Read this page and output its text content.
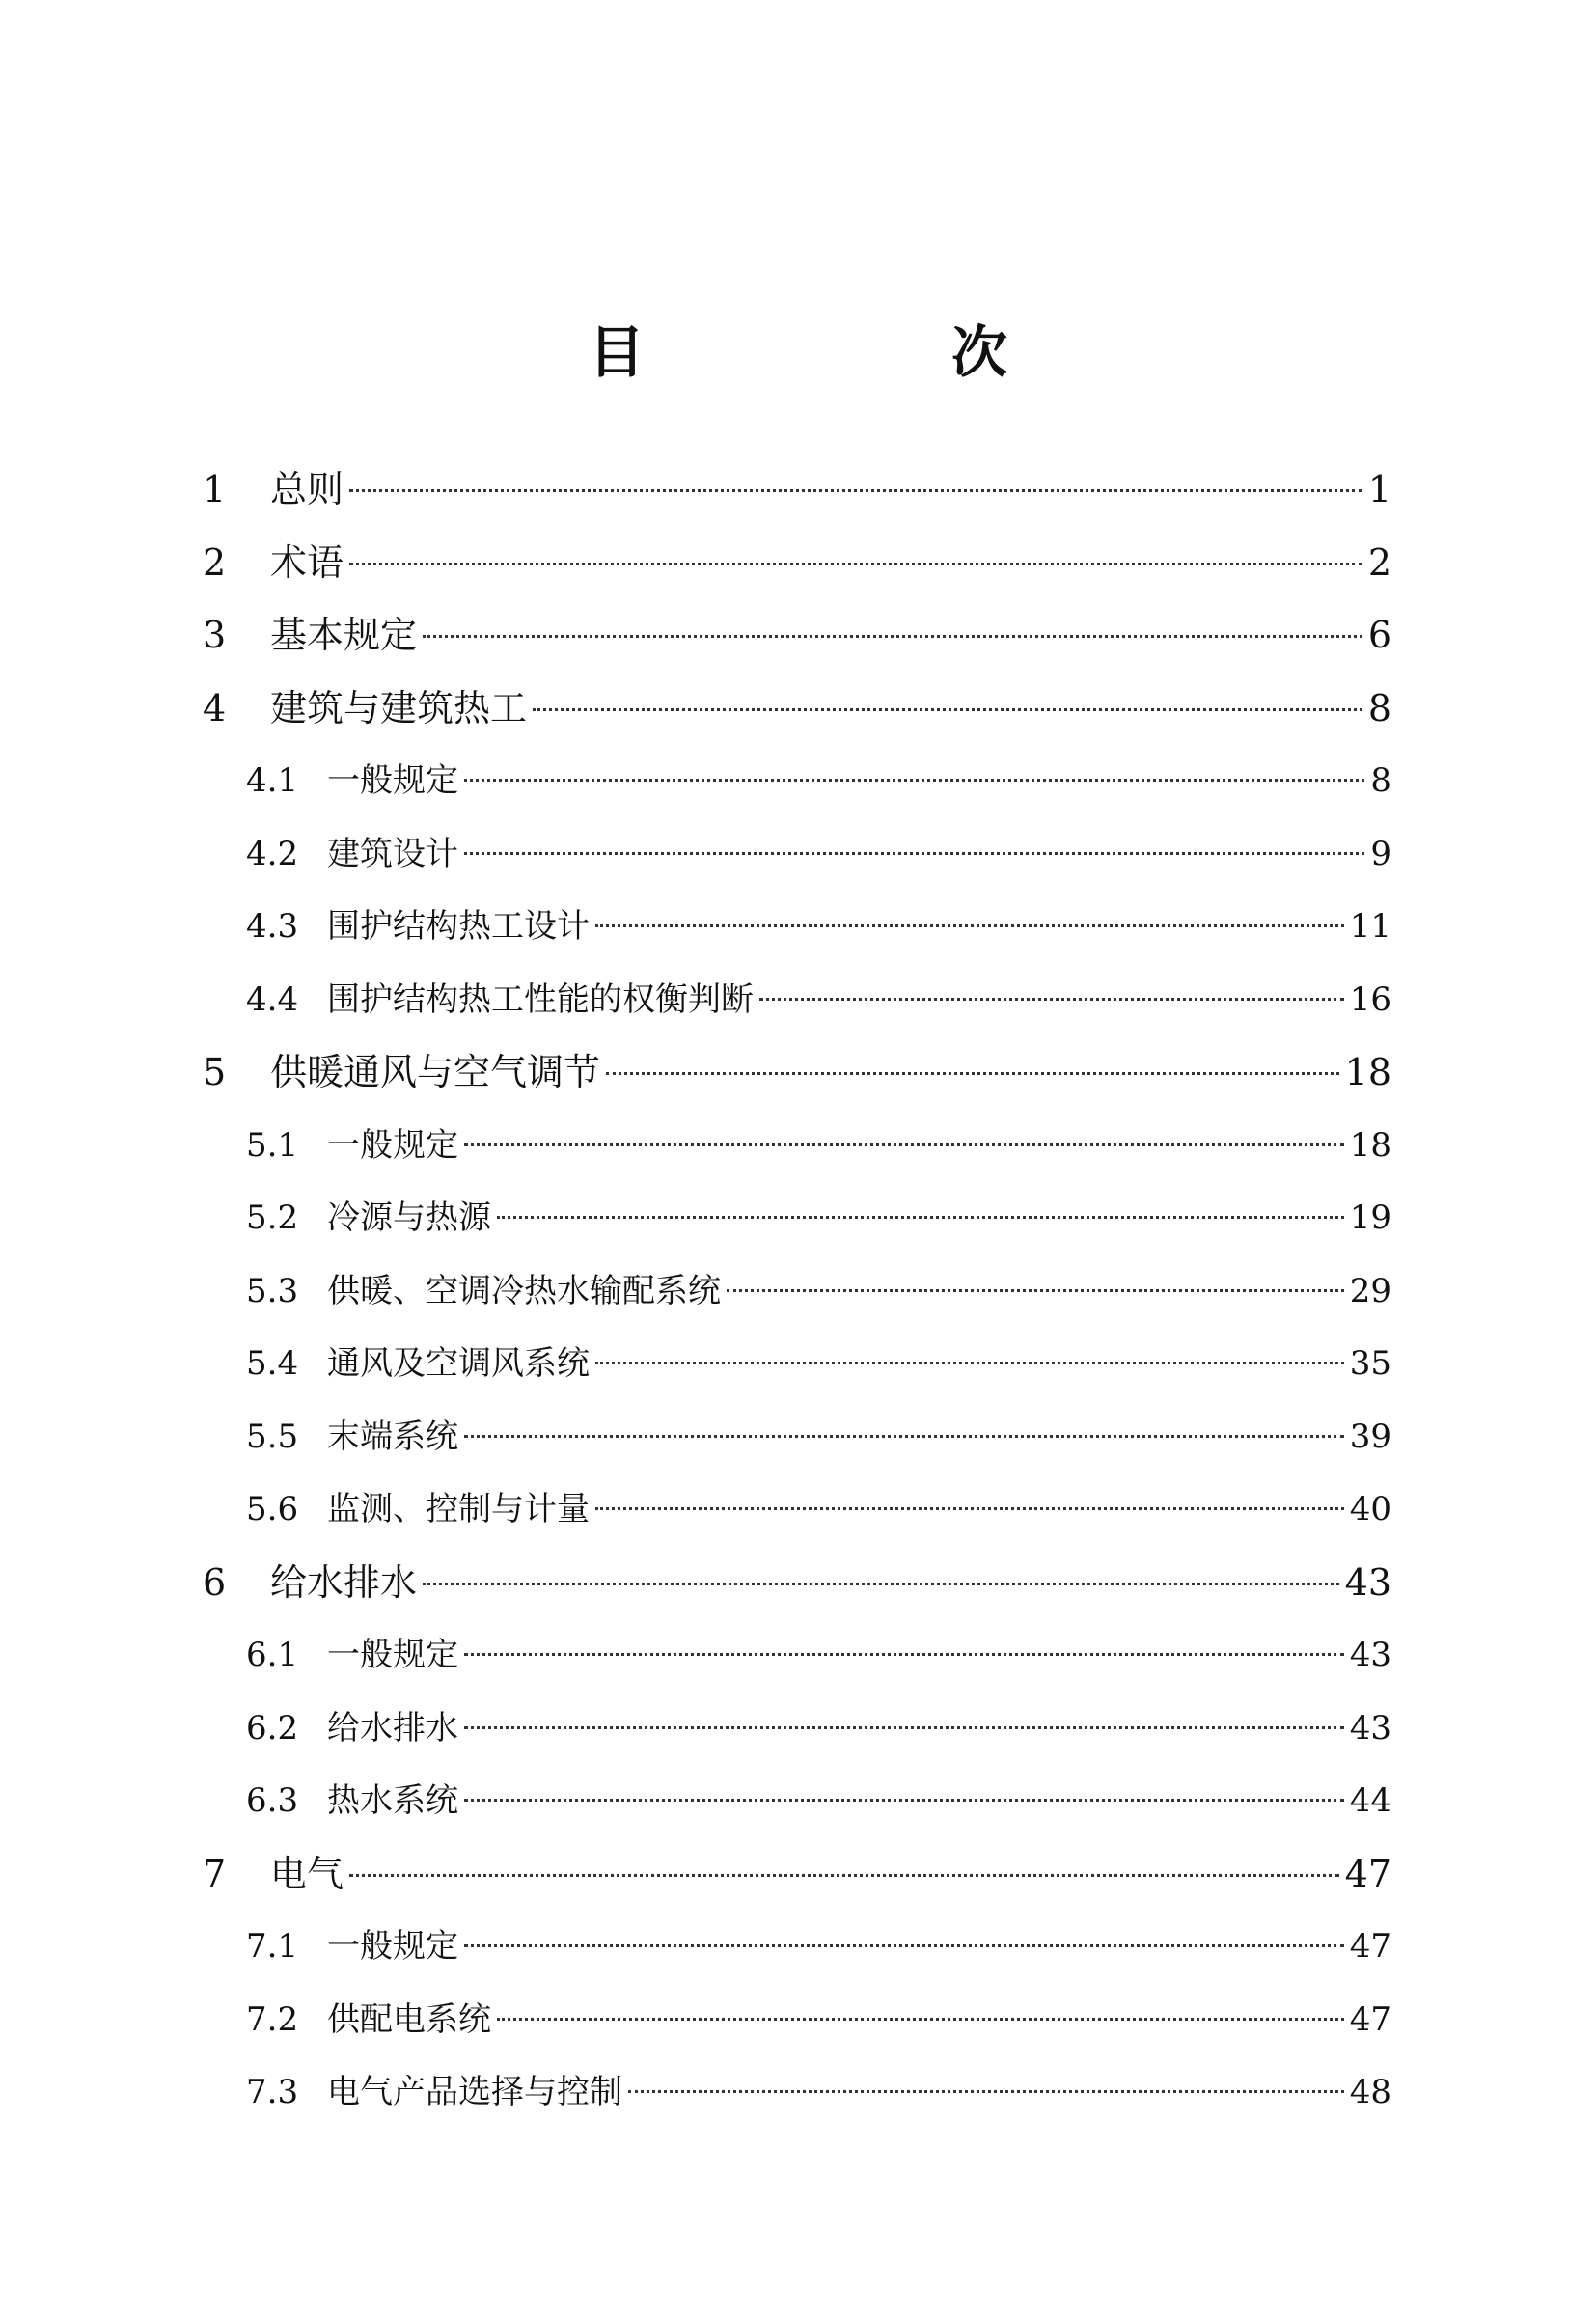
目　次
1	总则	1
2	术语	2
3	基本规定	6
4	建筑与建筑热工	8
4.1 一般规定	8
4.2 建筑设计	9
4.3 围护结构热工设计	11
4.4 围护结构热工性能的权衡判断	16
5	供暖通风与空气调节	18
5.1 一般规定	18
5.2 冷源与热源	19
5.3 供暖、空调冷热水输配系统	29
5.4 通风及空调风系统	35
5.5 末端系统	39
5.6 监测、控制与计量	40
6	给水排水	43
6.1 一般规定	43
6.2 给水排水	43
6.3 热水系统	44
7	电气	47
7.1 一般规定	47
7.2 供配电系统	47
7.3 电气产品选择与控制	48
